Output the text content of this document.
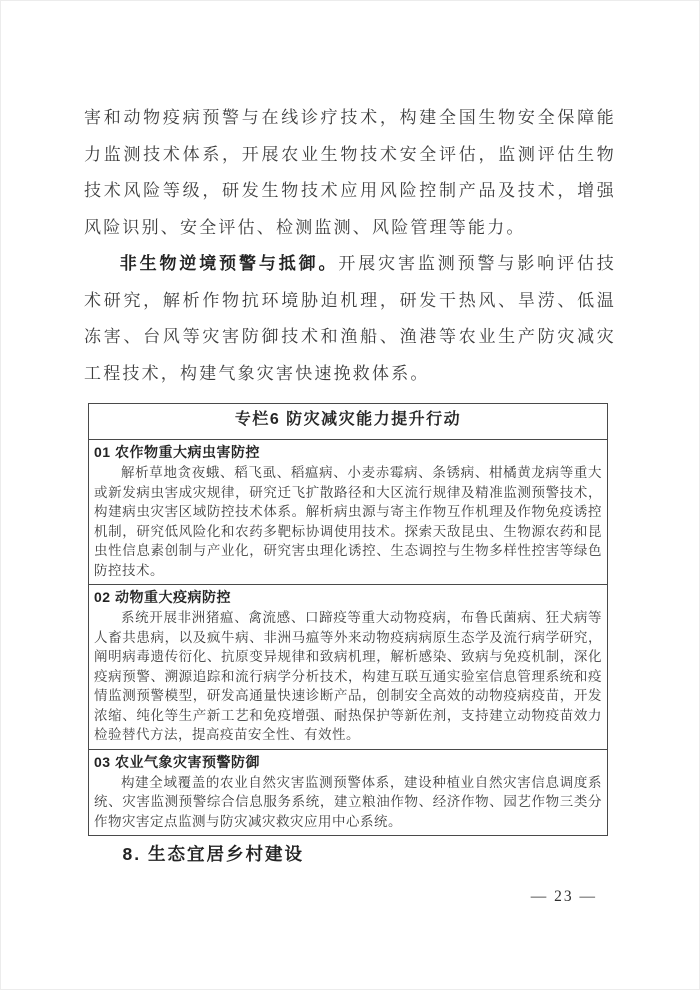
害和动物疫病预警与在线诊疗技术，构建全国生物安全保障能力监测技术体系，开展农业生物技术安全评估，监测评估生物技术风险等级，研发生物技术应用风险控制产品及技术，增强风险识别、安全评估、检测监测、风险管理等能力。

非生物逆境预警与抵御。开展灾害监测预警与影响评估技术研究，解析作物抗环境胁迫机理，研发干热风、旱涝、低温冻害、台风等灾害防御技术和渔船、渔港等农业生产防灾减灾工程技术，构建气象灾害快速挽救体系。

专栏6 防灾减灾能力提升行动

01 农作物重大病虫害防控

解析草地贪夜蛾、稻飞虱、稻瘟病、小麦赤霉病、条锈病、柑橘黄龙病等重大或新发病虫害成灾规律，研究迁飞扩散路径和大区流行规律及精准监测预警技术，构建病虫灾害区域防控技术体系。解析病虫源与寄主作物互作机理及作物免疫诱控机制，研究低风险化和农药多靶标协调使用技术。探索天敌昆虫、生物源农药和昆虫性信息素创制与产业化，研究害虫理化诱控、生态调控与生物多样性控害等绿色防控技术。

02 动物重大疫病防控

系统开展非洲猪瘟、禽流感、口蹄疫等重大动物疫病，布鲁氏菌病、狂犬病等人畜共患病，以及疯牛病、非洲马瘟等外来动物疫病病原生态学及流行病学研究，阐明病毒遗传衍化、抗原变异规律和致病机理，解析感染、致病与免疫机制，深化疫病预警、溯源追踪和流行病学分析技术，构建互联互通实验室信息管理系统和疫情监测预警模型，研发高通量快速诊断产品，创制安全高效的动物疫病疫苗，开发浓缩、纯化等生产新工艺和免疫增强、耐热保护等新佐剂，支持建立动物疫苗效力检验替代方法，提高疫苗安全性、有效性。

03 农业气象灾害预警防御

构建全域覆盖的农业自然灾害监测预警体系，建设种植业自然灾害信息调度系统、灾害监测预警综合信息服务系统，建立粮油作物、经济作物、园艺作物三类分作物灾害定点监测与防灾减灾救灾应用中心系统。

8. 生态宜居乡村建设
— 23 —
